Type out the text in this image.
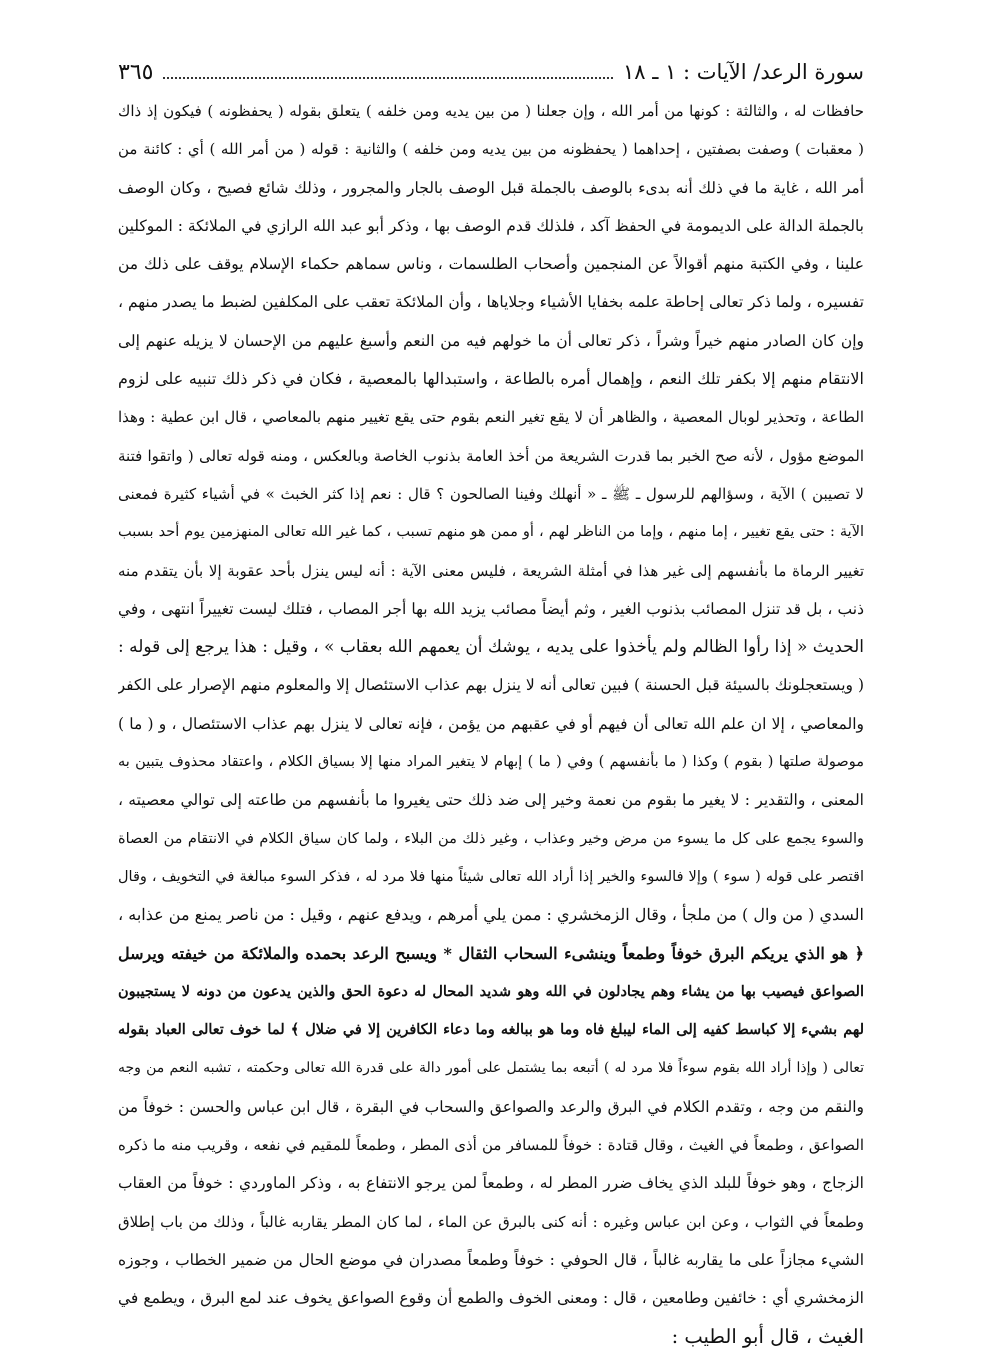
سورة الرعد/ الآيات : ١ ـ ١٨
٣٦٥
حافظات له ، والثالثة : كونها من أمر الله ، وإن جعلنا ( من بين يديه ومن خلفه ) يتعلق بقوله ( يحفظونه ) فيكون إذ ذاك
( معقبات ) وصفت بصفتين ، إحداهما ( يحفظونه من بين يديه ومن خلفه ) والثانية : قوله ( من أمر الله ) أي : كائنة من
أمر الله ، غاية ما في ذلك أنه بدىء بالوصف بالجملة قبل الوصف بالجار والمجرور ، وذلك شائع فصيح ، وكان الوصف
بالجملة الدالة على الديمومة في الحفظ آكد ، فلذلك قدم الوصف بها ، وذكر أبو عبد الله الرازي في الملائكة : الموكلين
علينا ، وفي الكتبة منهم أقوالاً عن المنجمين وأصحاب الطلسمات ، وناس سماهم حكماء الإسلام يوقف على ذلك من
تفسيره ، ولما ذكر تعالى إحاطة علمه بخفايا الأشياء وجلاياها ، وأن الملائكة تعقب على المكلفين لضبط ما يصدر منهم ،
وإن كان الصادر منهم خيراً وشراً ، ذكر تعالى أن ما خولهم فيه من النعم وأسبغ عليهم من الإحسان لا يزيله عنهم إلى
الانتقام منهم إلا بكفر تلك النعم ، وإهمال أمره بالطاعة ، واستبدالها بالمعصية ، فكان في ذكر ذلك تنبيه على لزوم
الطاعة ، وتحذير لوبال المعصية ، والظاهر أن لا يقع تغير النعم بقوم حتى يقع تغيير منهم بالمعاصي ، قال ابن عطية : وهذا
الموضع مؤول ، لأنه صح الخبر بما قدرت الشريعة من أخذ العامة بذنوب الخاصة وبالعكس ، ومنه قوله تعالى ( واتقوا فتنة
لا تصيبن ) الآية ، وسؤالهم للرسول ـ ﷺ ـ « أنهلك وفينا الصالحون ؟ قال : نعم إذا كثر الخبث » في أشياء كثيرة فمعنى
الآية : حتى يقع تغيير ، إما منهم ، وإما من الناظر لهم ، أو ممن هو منهم تسبب ، كما غير الله تعالى المنهزمين يوم أحد بسبب
تغيير الرماة ما بأنفسهم إلى غير هذا في أمثلة الشريعة ، فليس معنى الآية : أنه ليس ينزل بأحد عقوبة إلا بأن يتقدم منه
ذنب ، بل قد تنزل المصائب بذنوب الغير ، وثم أيضاً مصائب يزيد الله بها أجر المصاب ، فتلك ليست تغييراً انتهى ، وفي
الحديث « إذا رأوا الظالم ولم يأخذوا على يديه ، يوشك أن يعمهم الله بعقاب » ، وقيل : هذا يرجع إلى قوله :
( ويستعجلونك بالسيئة قبل الحسنة ) فبين تعالى أنه لا ينزل بهم عذاب الاستئصال إلا والمعلوم منهم الإصرار على الكفر
والمعاصي ، إلا ان علم الله تعالى أن فيهم أو في عقبهم من يؤمن ، فإنه تعالى لا ينزل بهم عذاب الاستئصال ، و ( ما )
موصولة صلتها ( بقوم ) وكذا ( ما بأنفسهم ) وفي ( ما ) إبهام لا يتغير المراد منها إلا بسياق الكلام ، واعتقاد محذوف يتبين به
المعنى ، والتقدير : لا يغير ما بقوم من نعمة وخير إلى ضد ذلك حتى يغيروا ما بأنفسهم من طاعته إلى توالي معصيته ،
والسوء يجمع على كل ما يسوء من مرض وخير وعذاب ، وغير ذلك من البلاء ، ولما كان سياق الكلام في الانتقام من العصاة
اقتصر على قوله ( سوء ) وإلا فالسوء والخير إذا أراد الله تعالى شيئاً منها فلا مرد له ، فذكر السوء مبالغة في التخويف ، وقال
السدي ( من وال ) من ملجأ ، وقال الزمخشري : ممن يلي أمرهم ، ويدفع عنهم ، وقيل : من ناصر يمنع من عذابه ،
﴿ هو الذي يريكم البرق خوفاً وطمعاً وينشىء السحاب الثقال * ويسبح الرعد بحمده والملائكة من خيفته ويرسل
الصواعق فيصيب بها من يشاء وهم يجادلون في الله وهو شديد المحال له دعوة الحق والذين يدعون من دونه لا يستجيبون
لهم بشيء إلا كباسط كفيه إلى الماء ليبلغ فاه وما هو ببالغه وما دعاء الكافرين إلا في ضلال ﴾ لما خوف تعالى العباد بقوله
تعالى ( وإذا أراد الله بقوم سوءاً فلا مرد له ) أتبعه بما يشتمل على أمور دالة على قدرة الله تعالى وحكمته ، تشبه النعم من وجه
والنقم من وجه ، وتقدم الكلام في البرق والرعد والصواعق والسحاب في البقرة ، قال ابن عباس والحسن : خوفاً من
الصواعق ، وطمعاً في الغيث ، وقال قتادة : خوفاً للمسافر من أذى المطر ، وطمعاً للمقيم في نفعه ، وقريب منه ما ذكره
الزجاج ، وهو خوفاً للبلد الذي يخاف ضرر المطر له ، وطمعاً لمن يرجو الانتفاع به ، وذكر الماوردي : خوفاً من العقاب
وطمعاً في الثواب ، وعن ابن عباس وغيره : أنه كنى بالبرق عن الماء ، لما كان المطر يقاربه غالباً ، وذلك من باب إطلاق
الشيء مجازاً على ما يقاربه غالباً ، قال الحوفي : خوفاً وطمعاً مصدران في موضع الحال من ضمير الخطاب ، وجوزه
الزمخشري أي : خائفين وطامعين ، قال : ومعنى الخوف والطمع أن وقوع الصواعق يخوف عند لمع البرق ، ويطمع في
الغيث ، قال أبو الطيب :
